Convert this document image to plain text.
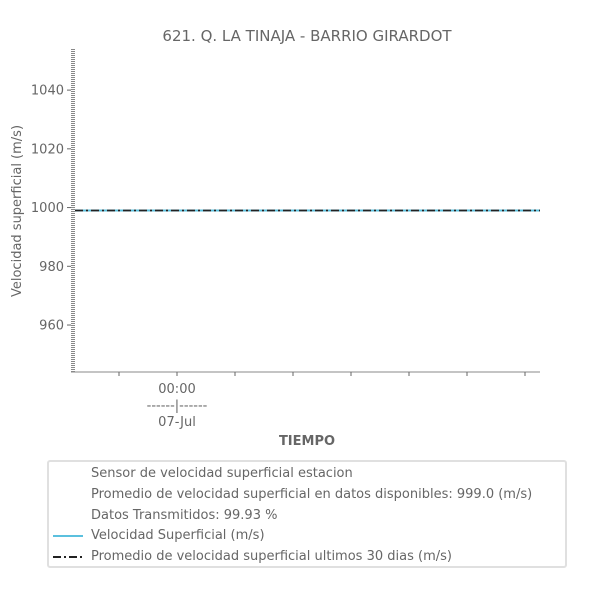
621. Q. LA TINAJA - BARRIO GIRARDOT
Velocidad superficial (m/s)
TIEMPO
960
980
1000
1020
1040
00:00
------|------
07-Jul
Sensor de velocidad superficial estacion
Promedio de velocidad superficial en datos disponibles: 999.0 (m/s)
Datos Transmitidos: 99.93 %
Velocidad Superficial (m/s)
Promedio de velocidad superficial ultimos 30 dias (m/s)
